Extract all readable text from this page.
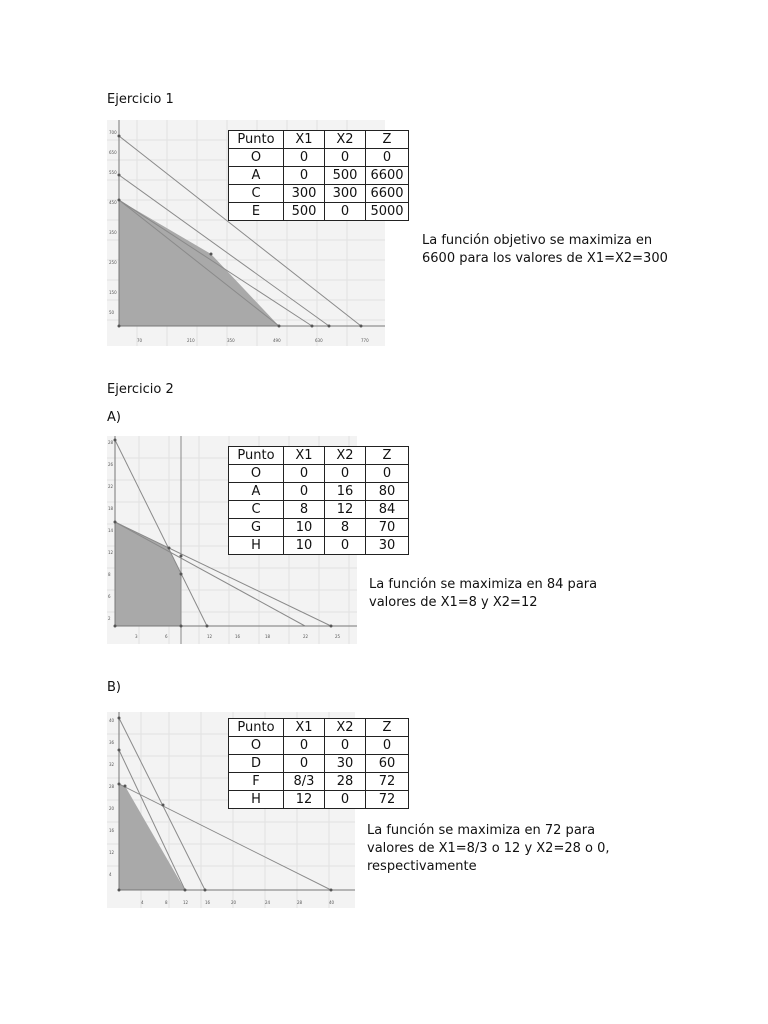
Ejercicio 1
700
650
550
450
350
250
150
50
70	210	350	490	630	770
Punto	X1	X2	Z
O	0	0	0
A	0	500	6600
C	300	300	6600
E	500	0	5000
La función objetivo se maximiza en 6600 para los valores de X1=X2=300
Ejercicio 2
A)
28
26
22
18
14
12
8
6
2
3	6	12	16	18	22	25
Punto	X1	X2	Z
O	0	0	0
A	0	16	80
C	8	12	84
G	10	8	70
H	10	0	30
La función se maximiza en 84 para valores de X1=8 y X2=12
B)
40
36
32
28
20
16
12
4
4	8	12	16	20	24	28	40
Punto	X1	X2	Z
O	0	0	0
D	0	30	60
F	8/3	28	72
H	12	0	72
La función se maximiza en 72 para valores de X1=8/3 o 12 y X2=28 o 0, respectivamente
